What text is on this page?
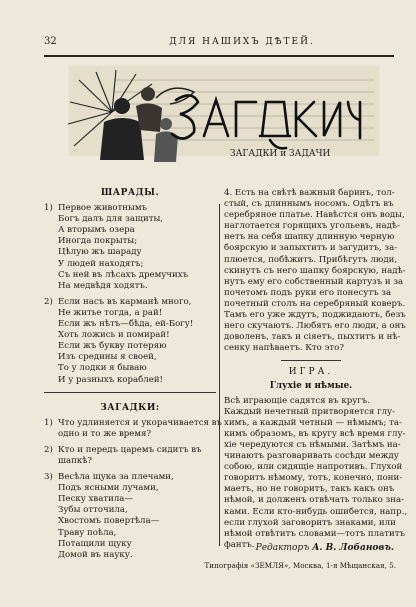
32	ДЛЯ НАШИХЪ ДѢТЕЙ.
ЗАГАДКИ и ЗАДАЧИ
ШАРАДЫ.
1) Первое животнымъ
Богъ далъ для защиты,
А вторымъ озера
Иногда покрыты;
Цѣлую жъ шараду
У людей находятъ;
Съ ней въ лѣсахъ дремучихъ
На медвѣдя ходятъ.
2) Если насъ въ карманѣ много,
Не житье тогда, а рай!
Если жъ нѣтъ—бѣда, ей-Богу!
Хоть ложись и помирай!
Если жъ букву потеряю
Изъ средины я своей,
То у лодки я бываю
И у разныхъ кораблей!
ЗАГАДКИ:
1) Что удлиняется и укорачивается въ
одно и то же время?
2) Кто и передъ царемъ сидитъ въ
шапкѣ?
3) Весѣла щука за плечами,
Подъ ясными лучами,
Песку хватила—
Зубы отточила,
Хвостомъ повертѣла—
Траву поѣла,
Потащили щуку
Домой въ науку.
4. Есть на свѣтѣ важный баринъ, тол-
стый, съ длиннымъ носомъ. Одѣтъ въ
серебряное платье. Навѣстся онъ воды,
наглотается горящихъ угольевъ, надѣ-
нетъ на себя шапку длинную черную
боярскую и запыхтитъ и загудитъ, за-
плюется, побѣжитъ. Прибѣгутъ люди,
скинутъ съ него шапку боярскую, надѣ-
нутъ ему его собственный картузъ и за
почетомъ подъ руки его понесутъ за
почетный столъ на серебряный коверъ.
Тамъ его уже ждутъ, поджидаютъ, безъ
него скучаютъ. Любятъ его люди, а онъ
доволенъ, такъ и сіяетъ, пыхтитъ и нѣ-
сенку напѣваетъ. Кто это?
ИГРА.
Глухіе и нѣмые.
Всѣ играющіе садятся въ кругъ.
Каждый нечетный притворяется глу-
химъ, а каждый четный — нѣмымъ; та-
кимъ образомъ, въ кругу всѣ время глу-
хіе чередуются съ нѣмыми. Затѣмъ на-
чинаютъ разговаривать сосѣди между
собою, или сидящіе напротивъ. Глухой
говоритъ нѣмому, тотъ, конечно, пони-
маетъ, но не говоритъ, такъ какъ онъ
нѣмой, и долженъ отвѣчать только зна-
ками. Если кто-нибудь ошибется, напр.,
если глухой заговоритъ знаками, или
нѣмой отвѣтитъ словами—тотъ платитъ
фантъ. Редакторъ А. В. Лобановъ.
Типографія «ЗЕМЛЯ», Москва, 1-я Мѣщанская, 5.
